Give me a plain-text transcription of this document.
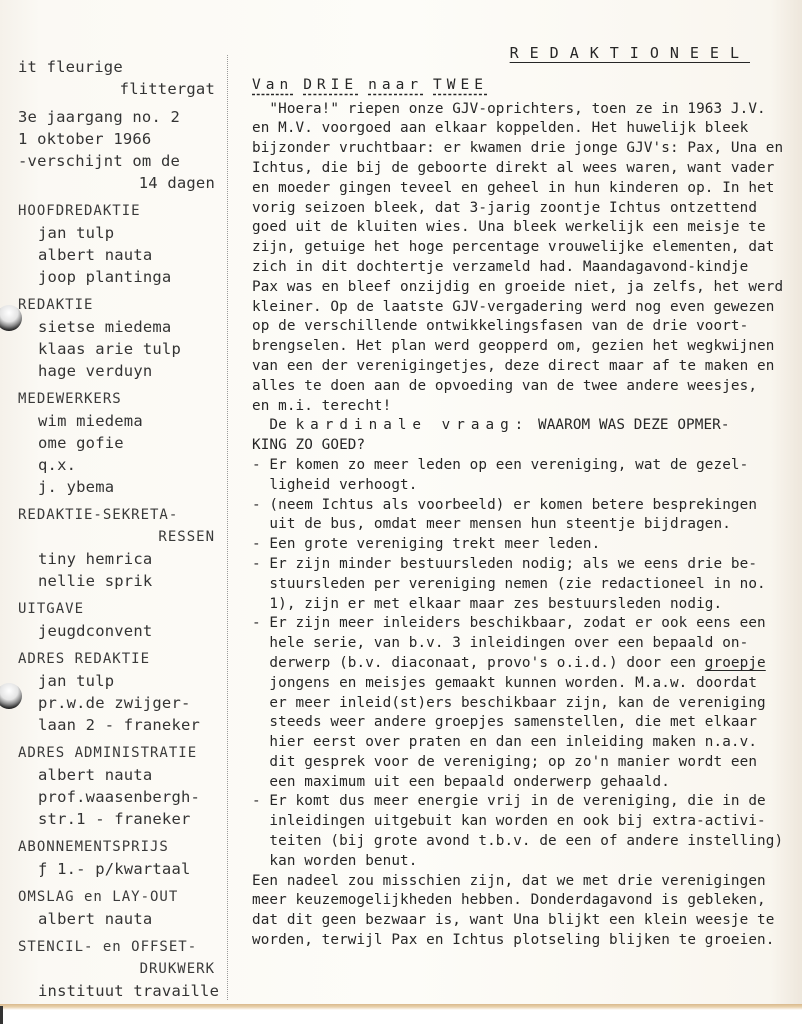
it fleurige
flittergat
3e jaargang no. 2
1 oktober 1966
-verschijnt om de
14 dagen
HOOFDREDAKTIE
jan tulp
albert nauta
joop plantinga
REDAKTIE
sietse miedema
klaas arie tulp
hage verduyn
MEDEWERKERS
wim miedema
ome gofie
q.x.
j. ybema
REDAKTIE-SEKRETA-
RESSEN
tiny hemrica
nellie sprik
UITGAVE
jeugdconvent
ADRES REDAKTIE
jan tulp
pr.w.de zwijger-
laan 2 - franeker
ADRES ADMINISTRATIE
albert nauta
prof.waasenbergh-
str.1 - franeker
ABONNEMENTSPRIJS
ƒ 1.- p/kwartaal
OMSLAG en LAY-OUT
albert nauta
STENCIL- en OFFSET-
DRUKWERK
instituut travaille
REDAKTIONEEL
Van DRIE naar TWEE
"Hoera!" riepen onze GJV-oprichters, toen ze in 1963 J.V.
en M.V. voorgoed aan elkaar koppelden. Het huwelijk bleek
bijzonder vruchtbaar: er kwamen drie jonge GJV's: Pax, Una en
Ichtus, die bij de geboorte direkt al wees waren, want vader
en moeder gingen teveel en geheel in hun kinderen op. In het
vorig seizoen bleek, dat 3-jarig zoontje Ichtus ontzettend
goed uit de kluiten wies. Una bleek werkelijk een meisje te
zijn, getuige het hoge percentage vrouwelijke elementen, dat
zich in dit dochtertje verzameld had. Maandagavond-kindje
Pax was en bleef onzijdig en groeide niet, ja zelfs, het werd
kleiner. Op de laatste GJV-vergadering werd nog even gewezen
op de verschillende ontwikkelingsfasen van de drie voort-
brengselen. Het plan werd geopperd om, gezien het wegkwijnen
van een der verenigingetjes, deze direct maar af te maken en
alles te doen aan de opvoeding van de twee andere weesjes,
en m.i. terecht!
De kardinale vraag: WAAROM WAS DEZE OPMER-
KING ZO GOED?
- Er komen zo meer leden op een vereniging, wat de gezel-
ligheid verhoogt.
- (neem Ichtus als voorbeeld) er komen betere besprekingen
uit de bus, omdat meer mensen hun steentje bijdragen.
- Een grote vereniging trekt meer leden.
- Er zijn minder bestuursleden nodig; als we eens drie be-
stuursleden per vereniging nemen (zie redactioneel in no.
1), zijn er met elkaar maar zes bestuursleden nodig.
- Er zijn meer inleiders beschikbaar, zodat er ook eens een
hele serie, van b.v. 3 inleidingen over een bepaald on-
derwerp (b.v. diaconaat, provo's o.i.d.) door een groepje
jongens en meisjes gemaakt kunnen worden. M.a.w. doordat
er meer inleid(st)ers beschikbaar zijn, kan de vereniging
steeds weer andere groepjes samenstellen, die met elkaar
hier eerst over praten en dan een inleiding maken n.a.v.
dit gesprek voor de vereniging; op zo'n manier wordt een
een maximum uit een bepaald onderwerp gehaald.
- Er komt dus meer energie vrij in de vereniging, die in de
inleidingen uitgebuit kan worden en ook bij extra-activi-
teiten (bij grote avond t.b.v. de een of andere instelling)
kan worden benut.
Een nadeel zou misschien zijn, dat we met drie verenigingen
meer keuzemogelijkheden hebben. Donderdagavond is gebleken,
dat dit geen bezwaar is, want Una blijkt een klein weesje te
worden, terwijl Pax en Ichtus plotseling blijken te groeien.
